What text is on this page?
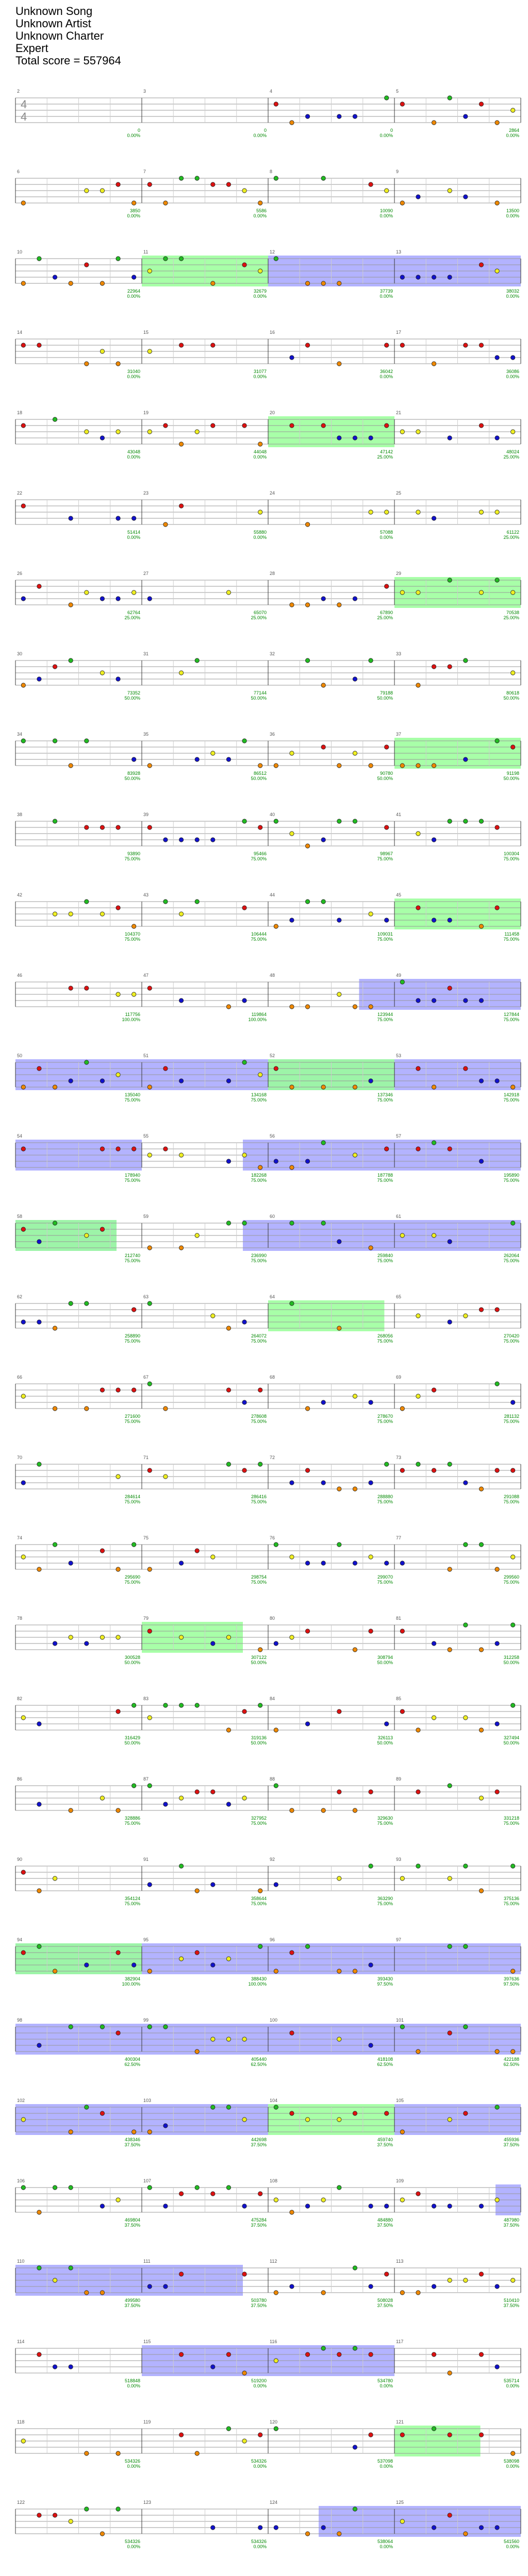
Unknown Song
Unknown Artist
Unknown Charter
Expert
Total score = 557964
2
0
0.00%
3
0
0.00%
4
0
0.00%
5
2864
0.00%
4
4
6
3850
0.00%
7
5586
0.00%
8
10090
0.00%
9
13500
0.00%
10
22964
0.00%
11
32679
0.00%
12
37739
0.00%
13
38032
0.00%
14
31040
0.00%
15
31077
0.00%
16
36042
0.00%
17
36086
0.00%
18
43048
0.00%
19
44048
0.00%
20
47142
25.00%
21
48024
25.00%
22
51414
0.00%
23
55880
0.00%
24
57088
0.00%
25
61122
25.00%
26
62764
25.00%
27
65070
25.00%
28
67890
25.00%
29
70538
25.00%
30
73352
50.00%
31
77144
50.00%
32
79188
50.00%
33
80618
50.00%
34
83928
50.00%
35
86512
50.00%
36
90780
50.00%
37
91198
50.00%
38
93890
75.00%
39
95466
75.00%
40
98967
75.00%
41
100304
75.00%
42
104370
75.00%
43
106444
75.00%
44
109031
75.00%
45
111458
75.00%
46
117756
100.00%
47
119864
100.00%
48
123944
75.00%
49
127844
75.00%
50
135040
75.00%
51
134168
75.00%
52
137346
75.00%
53
142918
75.00%
54
178940
75.00%
55
182268
75.00%
56
187788
75.00%
57
195890
75.00%
58
212740
75.00%
59
236990
75.00%
60
259840
75.00%
61
262064
75.00%
62
258890
75.00%
63
264072
75.00%
64
268056
75.00%
65
270420
75.00%
66
271600
75.00%
67
278608
75.00%
68
278670
75.00%
69
281132
75.00%
70
284614
75.00%
71
286416
75.00%
72
288880
75.00%
73
291088
75.00%
74
295690
75.00%
75
298754
75.00%
76
299070
75.00%
77
299560
75.00%
78
300528
50.00%
79
307122
50.00%
80
308794
50.00%
81
312258
50.00%
82
316429
50.00%
83
319136
50.00%
84
326113
50.00%
85
327494
50.00%
86
328886
75.00%
87
327952
75.00%
88
329630
75.00%
89
331218
75.00%
90
354124
75.00%
91
358644
75.00%
92
363290
75.00%
93
375136
75.00%
94
382904
100.00%
95
388430
100.00%
96
393430
97.50%
97
397636
97.50%
98
400304
62.50%
99
405440
62.50%
100
418108
62.50%
101
422188
62.50%
102
438346
37.50%
103
442698
37.50%
104
459740
37.50%
105
455936
37.50%
106
469804
37.50%
107
475284
37.50%
108
484880
37.50%
109
487980
37.50%
110
499580
37.50%
111
503780
37.50%
112
508028
37.50%
113
510410
37.50%
114
518848
0.00%
115
519200
0.00%
116
534780
0.00%
117
535714
0.00%
118
534326
0.00%
119
534326
0.00%
120
537098
0.00%
121
538098
0.00%
122
534326
0.00%
123
534326
0.00%
124
538064
0.00%
125
541560
0.00%
